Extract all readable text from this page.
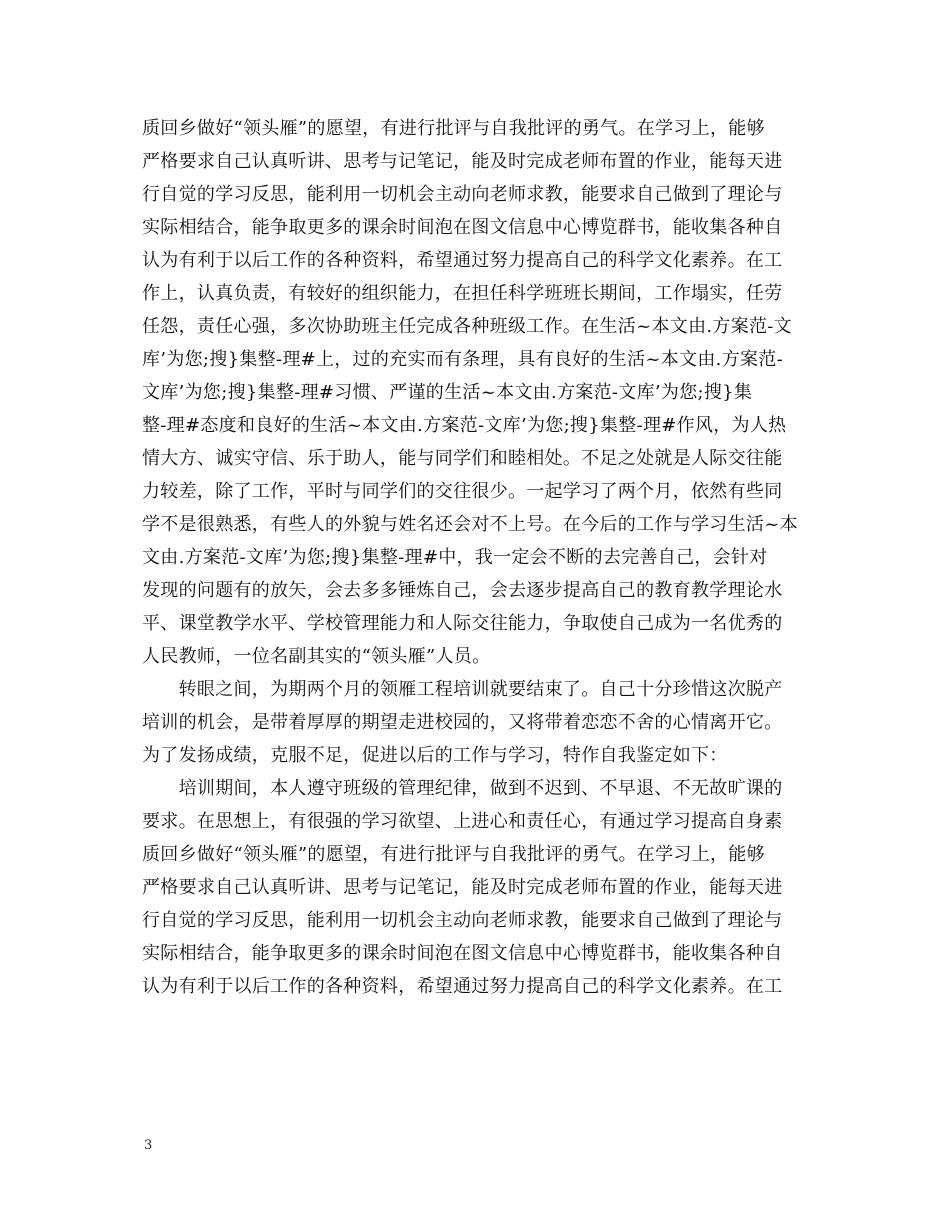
质回乡做好“领头雁”的愿望，有进行批评与自我批评的勇气。在学习上，能够
严格要求自己认真听讲、思考与记笔记，能及时完成老师布置的作业，能每天进
行自觉的学习反思，能利用一切机会主动向老师求教，能要求自己做到了理论与
实际相结合，能争取更多的课余时间泡在图文信息中心博览群书，能收集各种自
认为有利于以后工作的各种资料，希望通过努力提高自己的科学文化素养。在工
作上，认真负责，有较好的组织能力，在担任科学班班长期间，工作塌实，任劳
任怨，责任心强，多次协助班主任完成各种班级工作。在生活~本文由.方案范-文
库’为您;搜}集整-理#上，过的充实而有条理，具有良好的生活~本文由.方案范-
文库’为您;搜}集整-理#习惯、严谨的生活~本文由.方案范-文库’为您;搜}集
整-理#态度和良好的生活~本文由.方案范-文库’为您;搜}集整-理#作风，为人热
情大方、诚实守信、乐于助人，能与同学们和睦相处。不足之处就是人际交往能
力较差，除了工作，平时与同学们的交往很少。一起学习了两个月，依然有些同
学不是很熟悉，有些人的外貌与姓名还会对不上号。在今后的工作与学习生活~本
文由.方案范-文库’为您;搜}集整-理#中，我一定会不断的去完善自己，会针对
发现的问题有的放矢，会去多多锤炼自己，会去逐步提高自己的教育教学理论水
平、课堂教学水平、学校管理能力和人际交往能力，争取使自己成为一名优秀的
人民教师，一位名副其实的“领头雁”人员。
　　转眼之间，为期两个月的领雁工程培训就要结束了。自己十分珍惜这次脱产
培训的机会，是带着厚厚的期望走进校园的，又将带着恋恋不舍的心情离开它。
为了发扬成绩，克服不足，促进以后的工作与学习，特作自我鉴定如下：
　　培训期间，本人遵守班级的管理纪律，做到不迟到、不早退、不无故旷课的
要求。在思想上，有很强的学习欲望、上进心和责任心，有通过学习提高自身素
质回乡做好“领头雁”的愿望，有进行批评与自我批评的勇气。在学习上，能够
严格要求自己认真听讲、思考与记笔记，能及时完成老师布置的作业，能每天进
行自觉的学习反思，能利用一切机会主动向老师求教，能要求自己做到了理论与
实际相结合，能争取更多的课余时间泡在图文信息中心博览群书，能收集各种自
认为有利于以后工作的各种资料，希望通过努力提高自己的科学文化素养。在工
3
